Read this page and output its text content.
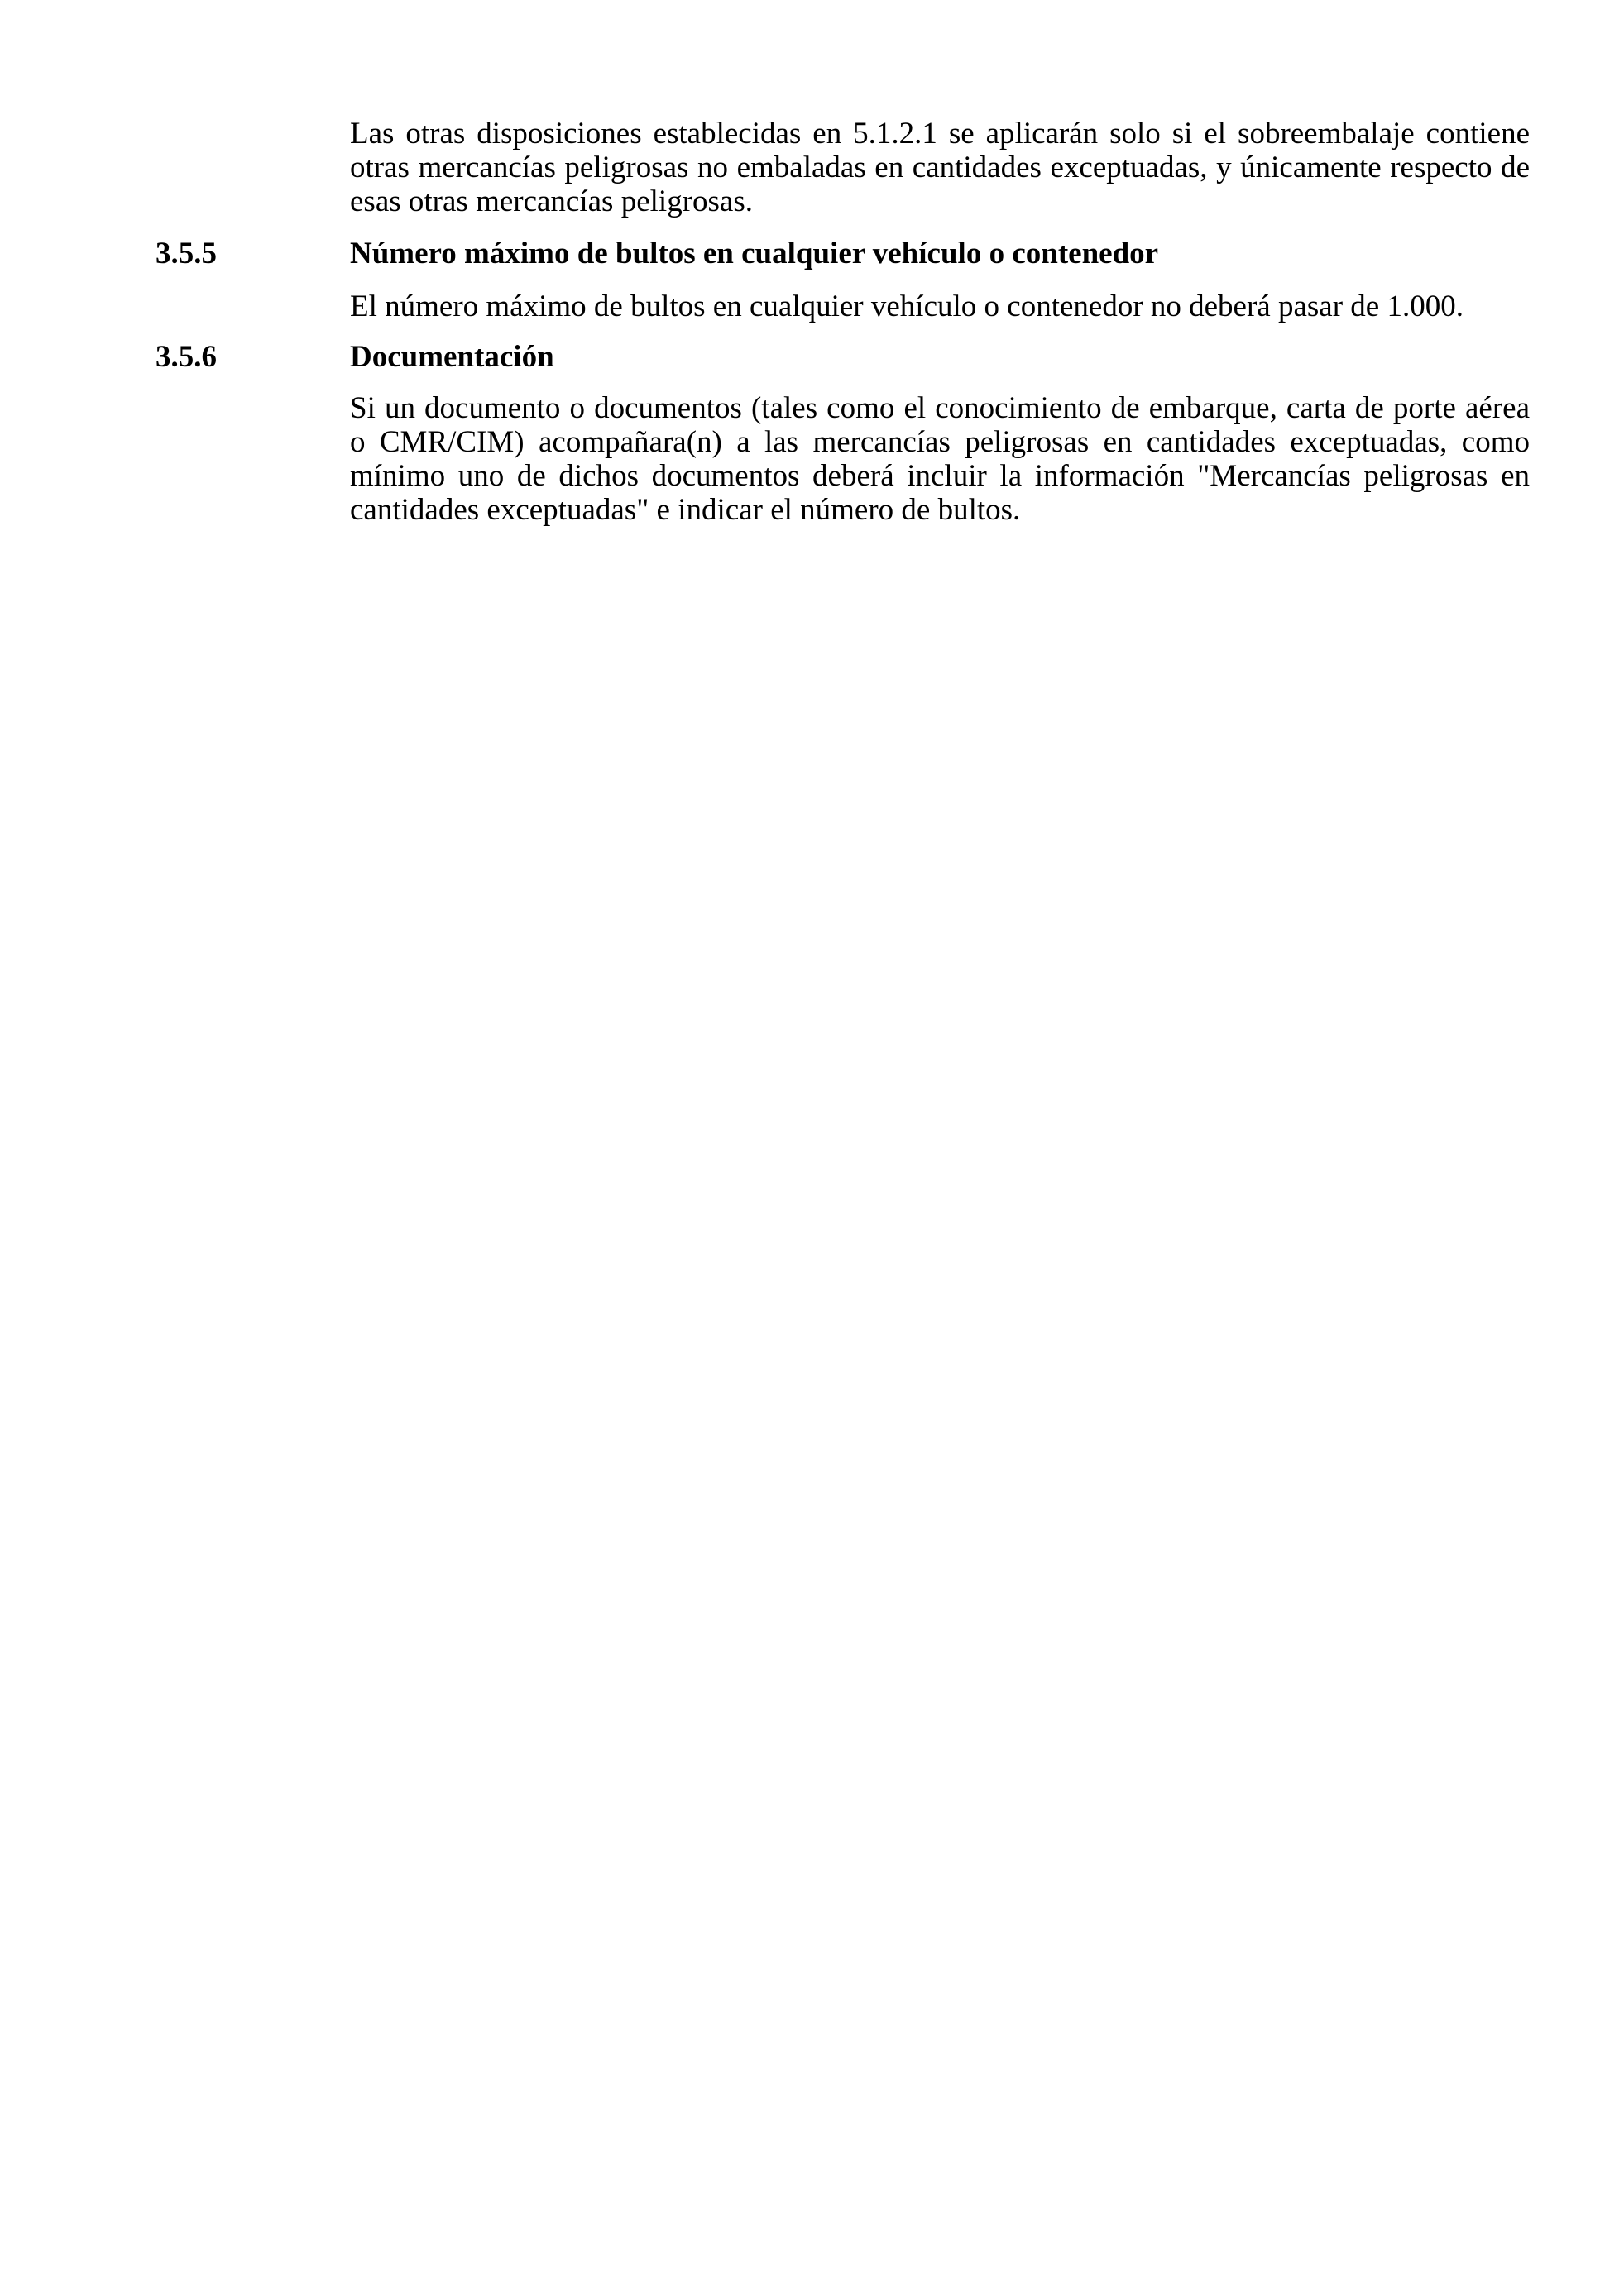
Las otras disposiciones establecidas en 5.1.2.1 se aplicarán solo si el sobreembalaje contiene otras mercancías peligrosas no embaladas en cantidades exceptuadas, y únicamente respecto de esas otras mercancías peligrosas.

3.5.5	Número máximo de bultos en cualquier vehículo o contenedor

El número máximo de bultos en cualquier vehículo o contenedor no deberá pasar de 1.000.

3.5.6	Documentación

Si un documento o documentos (tales como el conocimiento de embarque, carta de porte aérea o CMR/CIM) acompañara(n) a las mercancías peligrosas en cantidades exceptuadas, como mínimo uno de dichos documentos deberá incluir la información "Mercancías peligrosas en cantidades exceptuadas" e indicar el número de bultos.
